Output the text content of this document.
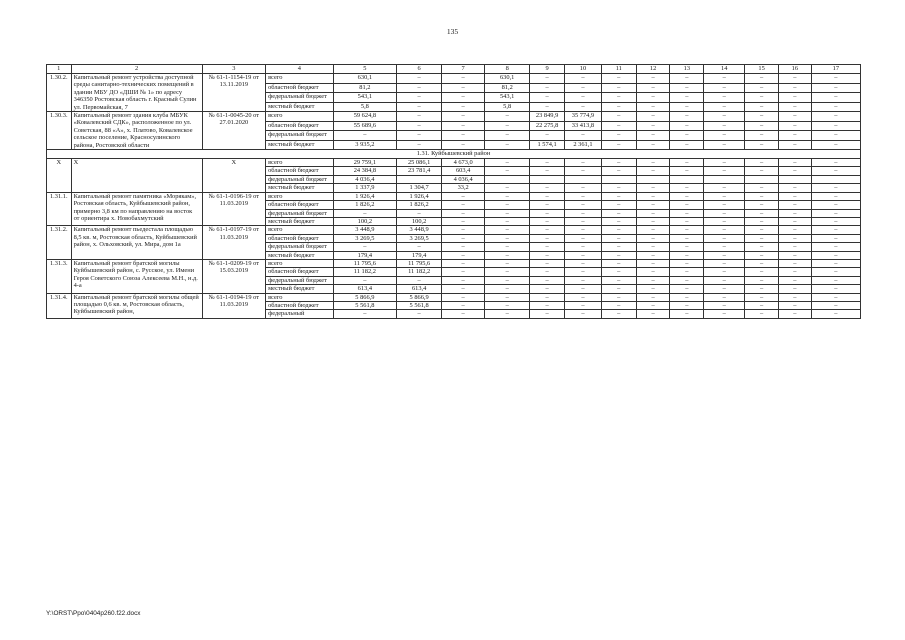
135
1	2	3	4	5	6	7	8	9	10	11	12	13	14	15	16	17
1.30.2.	Капитальный ремонт устройства доступной среды санитарно-технических помещений в здании МБУ ДО «ДШИ № 1» по адресу 346350 Ростовская область г. Красный Сулин ул. Первомайская, 7	№ 61-1-1154-19 от 13.11.2019	всего	630,1	–	–	630,1	–	–	–	–	–	–	–	–	–
			областной бюджет	81,2	–	–	81,2	–	–	–	–	–	–	–	–	–
			федеральный бюджет	543,1	–	–	543,1	–	–	–	–	–	–	–	–	–
			местный бюджет	5,8	–	–	5,8	–	–	–	–	–	–	–	–	–
1.30.3.	Капитальный ремонт здания клуба МБУК «Ковалевский СДК», расположенное по ул. Советская, 88 «А», х. Платово, Ковалевское сельское поселение, Красносулинского района, Ростовской области	№ 61-1-0045-20 от 27.01.2020	всего	59 624,8	–	–	–	23 849,9	35 774,9	–	–	–	–	–	–	–
			областной бюджет	55 689,6	–	–	–	22 275,8	33 413,8	–	–	–	–	–	–	–
			федеральный бюджет	–	–	–	–	–	–	–	–	–	–	–	–	–
			местный бюджет	3 935,2	–	–	–	1 574,1	2 361,1	–	–	–	–	–	–	–
1.31. Куйбышевский район																
X	X	X	всего	29 759,1	25 086,1	4 673,0	–	–	–	–	–	–	–	–	–	–
			областной бюджет	24 384,8	23 781,4	603,4	–	–	–	–	–	–	–	–	–	–
			федеральный бюджет	4 036,4		4 036,4										
			местный бюджет	1 337,9	1 304,7	33,2	–	–	–	–	–	–	–	–	–	–
1.31.1.	Капитальный ремонт памятника «Морякам», Ростовская область, Куйбышевский район, примерно 3,8 км по направлению на восток от ориентира х. Новобахмутский	№ 61-1-0196-19 от 11.03.2019	всего	1 926,4	1 926,4	–	–	–	–	–	–	–	–	–	–	–
			областной бюджет	1 826,2	1 826,2	–	–	–	–	–	–	–	–	–	–	–
			федеральный бюджет	–	–	–	–	–	–	–	–	–	–	–	–	–
			местный бюджет	100,2	100,2	–	–	–	–	–	–	–	–	–	–	–
1.31.2.	Капитальный ремонт пьедестала площадью 8,5 кв. м, Ростовская область, Куйбышевский район, х. Ольховский, ул. Мира, дом 1а	№ 61-1-0197-19 от 11.03.2019	всего	3 448,9	3 448,9	–	–	–	–	–	–	–	–	–	–	–
			областной бюджет	3 269,5	3 269,5	–	–	–	–	–	–	–	–	–	–	–
			федеральный бюджет	–	–	–	–	–	–	–	–	–	–	–	–	–
			местный бюджет	179,4	179,4	–	–	–	–	–	–	–	–	–	–	–
1.31.3.	Капитальный ремонт братской могилы Куйбышевский район, с. Русское, ул. Имени Героя Советского Союза Алексеева М.Н., н.д. 4-а	№ 61-1-0209-19 от 15.03.2019	всего	11 795,6	11 795,6	–	–	–	–	–	–	–	–	–	–	–
			областной бюджет	11 182,2	11 182,2	–	–	–	–	–	–	–	–	–	–	–
			федеральный бюджет	–	–	–	–	–	–	–	–	–	–	–	–	–
			местный бюджет	613,4	613,4	–	–	–	–	–	–	–	–	–	–	–
1.31.4.	Капитальный ремонт братской могилы общей площадью 0,6 кв. м, Ростовская область, Куйбышевский район,	№ 61-1-0194-19 от 11.03.2019	всего	5 866,9	5 866,9	–	–	–	–	–	–	–	–	–	–	–
			областной бюджет	5 561,8	5 561,8	–	–	–	–	–	–	–	–	–	–	–
			федеральный	–	–	–	–	–	–	–	–	–	–	–	–	–
Y:\ORST\Ppo\0404p260.f22.docx
